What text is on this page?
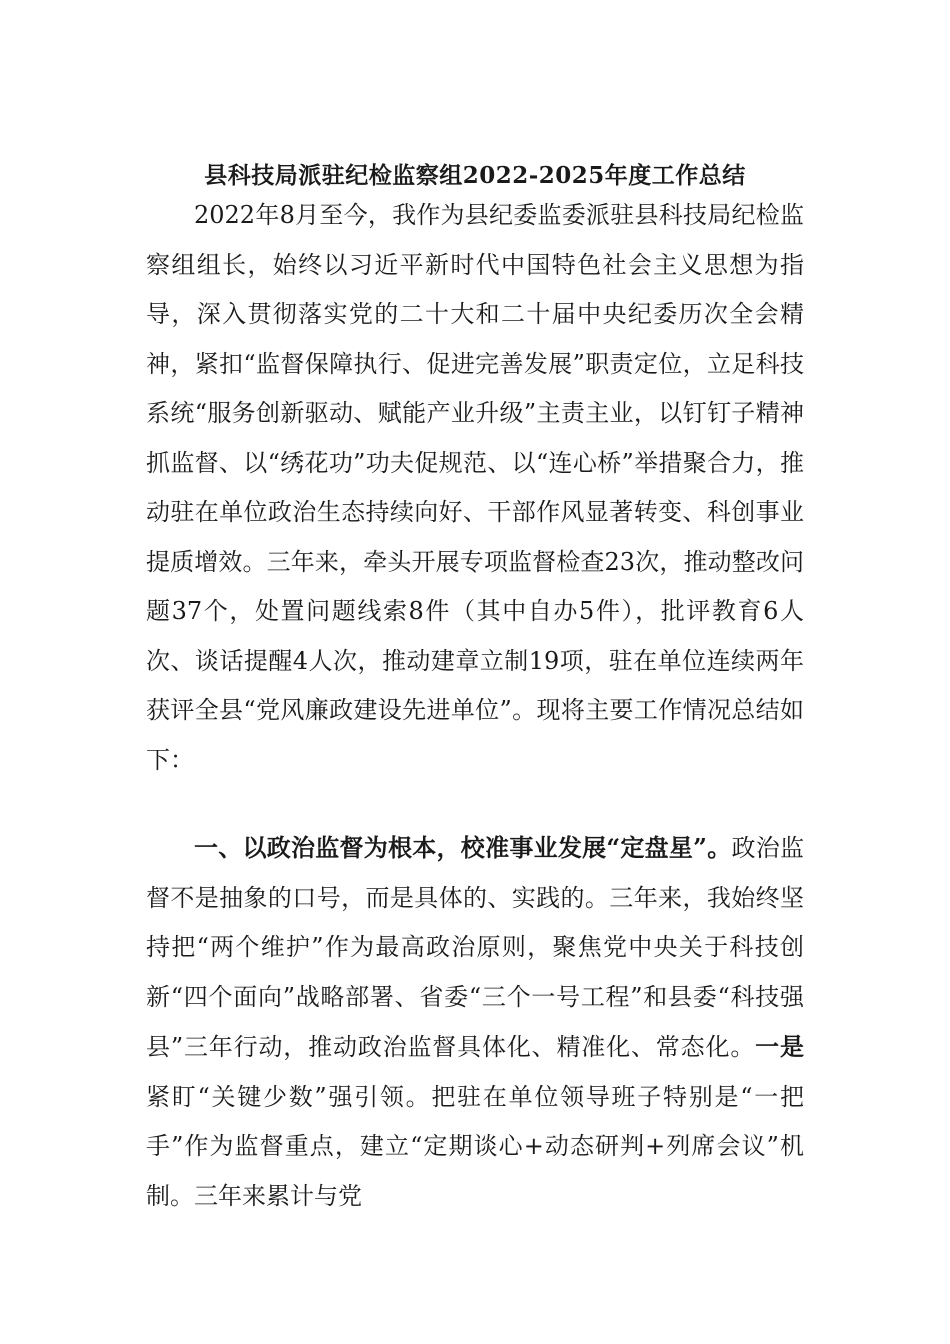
县科技局派驻纪检监察组2022-2025年度工作总结

2022年8月至今，我作为县纪委监委派驻县科技局纪检监察组组长，始终以习近平新时代中国特色社会主义思想为指导，深入贯彻落实党的二十大和二十届中央纪委历次全会精神，紧扣“监督保障执行、促进完善发展”职责定位，立足科技系统“服务创新驱动、赋能产业升级”主责主业，以钉钉子精神抓监督、以“绣花功”功夫促规范、以“连心桥”举措聚合力，推动驻在单位政治生态持续向好、干部作风显著转变、科创事业提质增效。三年来，牵头开展专项监督检查23次，推动整改问题37个，处置问题线索8件（其中自办5件），批评教育6人次、谈话提醒4人次，推动建章立制19项，驻在单位连续两年获评全县“党风廉政建设先进单位”。现将主要工作情况总结如下：

一、以政治监督为根本，校准事业发展“定盘星”。政治监督不是抽象的口号，而是具体的、实践的。三年来，我始终坚持把“两个维护”作为最高政治原则，聚焦党中央关于科技创新“四个面向”战略部署、省委“三个一号工程”和县委“科技强县”三年行动，推动政治监督具体化、精准化、常态化。一是紧盯“关键少数”强引领。把驻在单位领导班子特别是“一把手”作为监督重点，建立“定期谈心+动态研判+列席会议”机制。三年来累计与党
